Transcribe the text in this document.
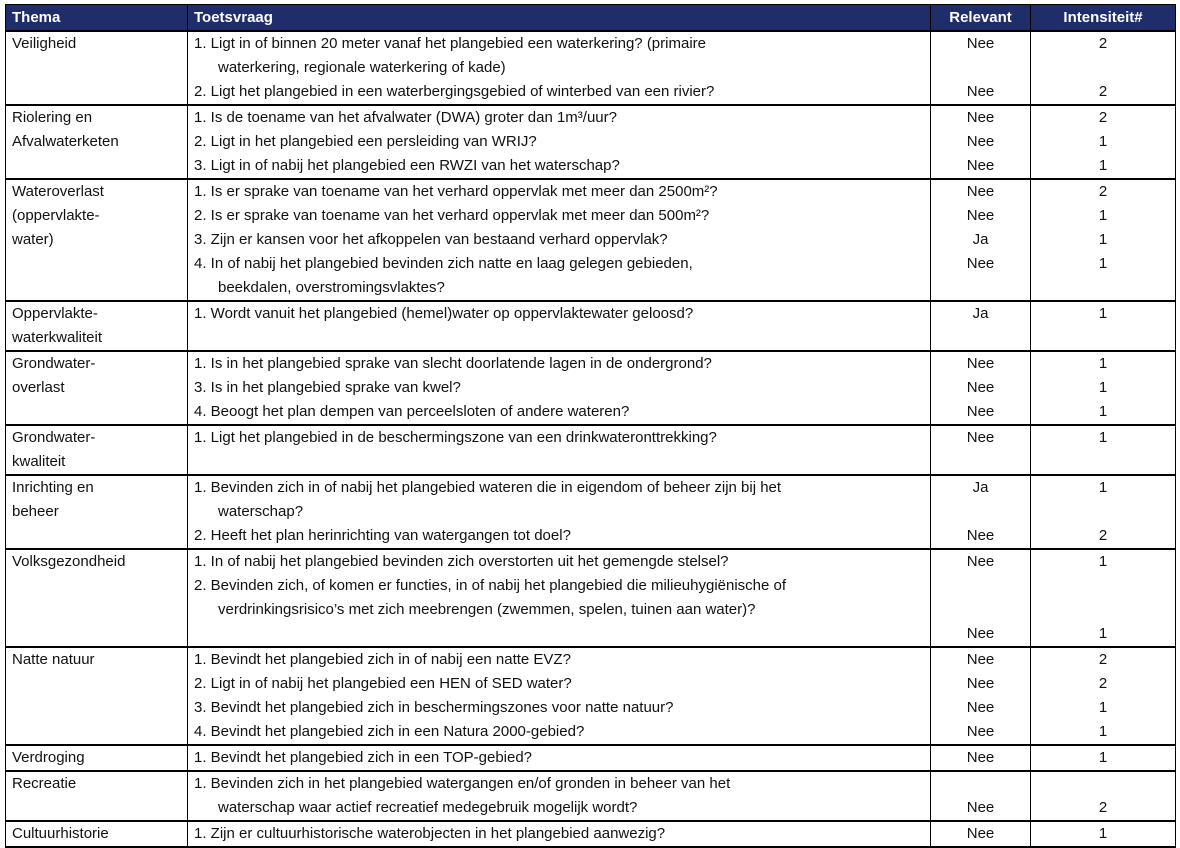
Thema	Toetsvraag	Relevant	Intensiteit#
Veiligheid	1. Ligt in of binnen 20 meter vanaf het plangebied een waterkering? (primaire	Nee	2
	waterkering, regionale waterkering of kade)		
	2. Ligt het plangebied in een waterbergingsgebied of winterbed van een rivier?	Nee	2
Riolering en
Afvalwaterketen	1. Is de toename van het afvalwater (DWA) groter dan 1m³/uur?	Nee	2
	2. Ligt in het plangebied een persleiding van WRIJ?	Nee	1
	3. Ligt in of nabij het plangebied een RWZI van het waterschap?	Nee	1
Wateroverlast
(oppervlakte-
water)	1. Is er sprake van toename van het verhard oppervlak met meer dan 2500m²?	Nee	2
	2. Is er sprake van toename van het verhard oppervlak met meer dan 500m²?	Nee	1
	3. Zijn er kansen voor het afkoppelen van bestaand verhard oppervlak?	Ja	1
	4. In of nabij het plangebied bevinden zich natte en laag gelegen gebieden,	Nee	1
	beekdalen, overstromingsvlaktes?		
Oppervlakte-
waterkwaliteit	1. Wordt vanuit het plangebied (hemel)water op oppervlaktewater geloosd?	Ja	1

Grondwater-
overlast	1. Is in het plangebied sprake van slecht doorlatende lagen in de ondergrond?	Nee	1
	3. Is in het plangebied sprake van kwel?	Nee	1
	4. Beoogt het plan dempen van perceelsloten of andere wateren?	Nee	1
Grondwater-
kwaliteit	1. Ligt het plangebied in de beschermingszone van een drinkwateronttrekking?	Nee	1

Inrichting en
beheer	1. Bevinden zich in of nabij het plangebied wateren die in eigendom of beheer zijn bij het	Ja	1
	waterschap?		
	2. Heeft het plan herinrichting van watergangen tot doel?	Nee	2
Volksgezondheid	1. In of nabij het plangebied bevinden zich overstorten uit het gemengde stelsel?	Nee	1
	2. Bevinden zich, of komen er functies, in of nabij het plangebied die milieuhygiënische of		
	verdrinkingsrisico’s met zich meebrengen (zwemmen, spelen, tuinen aan water)?		
		Nee	1
Natte natuur	1. Bevindt het plangebied zich in of nabij een natte EVZ?	Nee	2
	2. Ligt in of nabij het plangebied een HEN of SED water?	Nee	2
	3. Bevindt het plangebied zich in beschermingszones voor natte natuur?	Nee	1
	4. Bevindt het plangebied zich in een Natura 2000-gebied?	Nee	1
Verdroging	1. Bevindt het plangebied zich in een TOP-gebied?	Nee	1
Recreatie	1. Bevinden zich in het plangebied watergangen en/of gronden in beheer van het		
	waterschap waar actief recreatief medegebruik mogelijk wordt?	Nee	2
Cultuurhistorie	1. Zijn er cultuurhistorische waterobjecten in het plangebied aanwezig?	Nee	1
